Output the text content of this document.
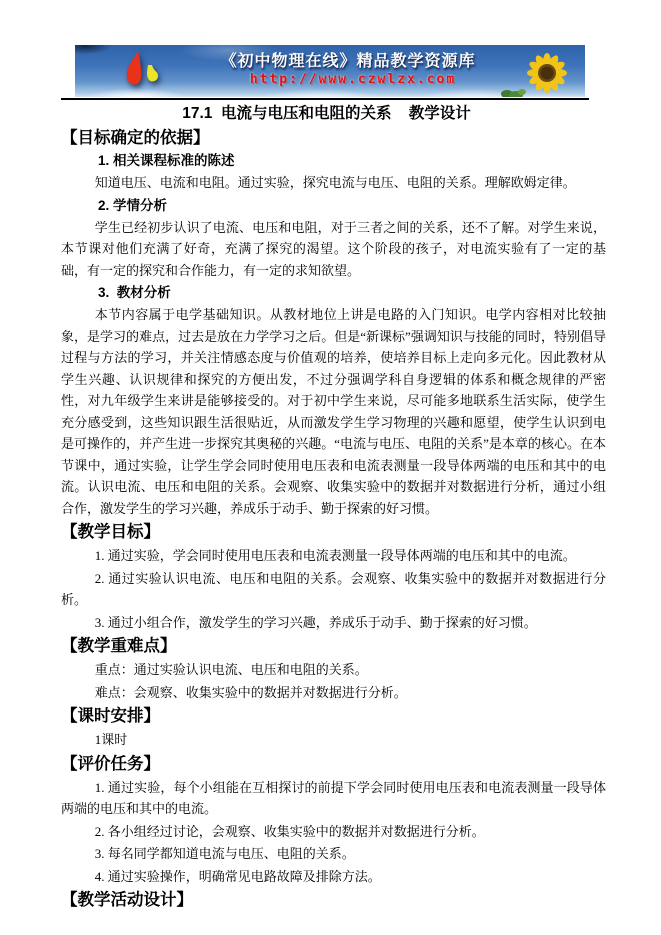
《初中物理在线》精品教学资源库
http://www.czwlzx.com
17.1  电流与电压和电阻的关系    教学设计
【目标确定的依据】
1. 相关课程标准的陈述

知道电压、电流和电阻。通过实验，探究电流与电压、电阻的关系。理解欧姆定律。

2. 学情分析

学生已经初步认识了电流、电压和电阻，对于三者之间的关系，还不了解。对学生来说，本节课对他们充满了好奇，充满了探究的渴望。这个阶段的孩子，对电流实验有了一定的基础，有一定的探究和合作能力，有一定的求知欲望。

3.  教材分析

本节内容属于电学基础知识。从教材地位上讲是电路的入门知识。电学内容相对比较抽象，是学习的难点，过去是放在力学学习之后。但是“新课标”强调知识与技能的同时，特别倡导过程与方法的学习，并关注情感态度与价值观的培养，使培养目标上走向多元化。因此教材从学生兴趣、认识规律和探究的方便出发，不过分强调学科自身逻辑的体系和概念规律的严密性，对九年级学生来讲是能够接受的。对于初中学生来说，尽可能多地联系生活实际，使学生充分感受到，这些知识跟生活很贴近，从而激发学生学习物理的兴趣和愿望，使学生认识到电是可操作的，并产生进一步探究其奥秘的兴趣。“电流与电压、电阻的关系”是本章的核心。在本节课中，通过实验，让学生学会同时使用电压表和电流表测量一段导体两端的电压和其中的电流。认识电流、电压和电阻的关系。会观察、收集实验中的数据并对数据进行分析，通过小组合作，激发学生的学习兴趣，养成乐于动手、勤于探索的好习惯。

【教学目标】

1. 通过实验，学会同时使用电压表和电流表测量一段导体两端的电压和其中的电流。

2. 通过实验认识电流、电压和电阻的关系。会观察、收集实验中的数据并对数据进行分析。

3. 通过小组合作，激发学生的学习兴趣，养成乐于动手、勤于探索的好习惯。

【教学重难点】

重点：通过实验认识电流、电压和电阻的关系。

难点：会观察、收集实验中的数据并对数据进行分析。

【课时安排】

1课时

【评价任务】

1. 通过实验，每个小组能在互相探讨的前提下学会同时使用电压表和电流表测量一段导体两端的电压和其中的电流。

2. 各小组经过讨论，会观察、收集实验中的数据并对数据进行分析。

3. 每名同学都知道电流与电压、电阻的关系。

4. 通过实验操作，明确常见电路故障及排除方法。

【教学活动设计】
